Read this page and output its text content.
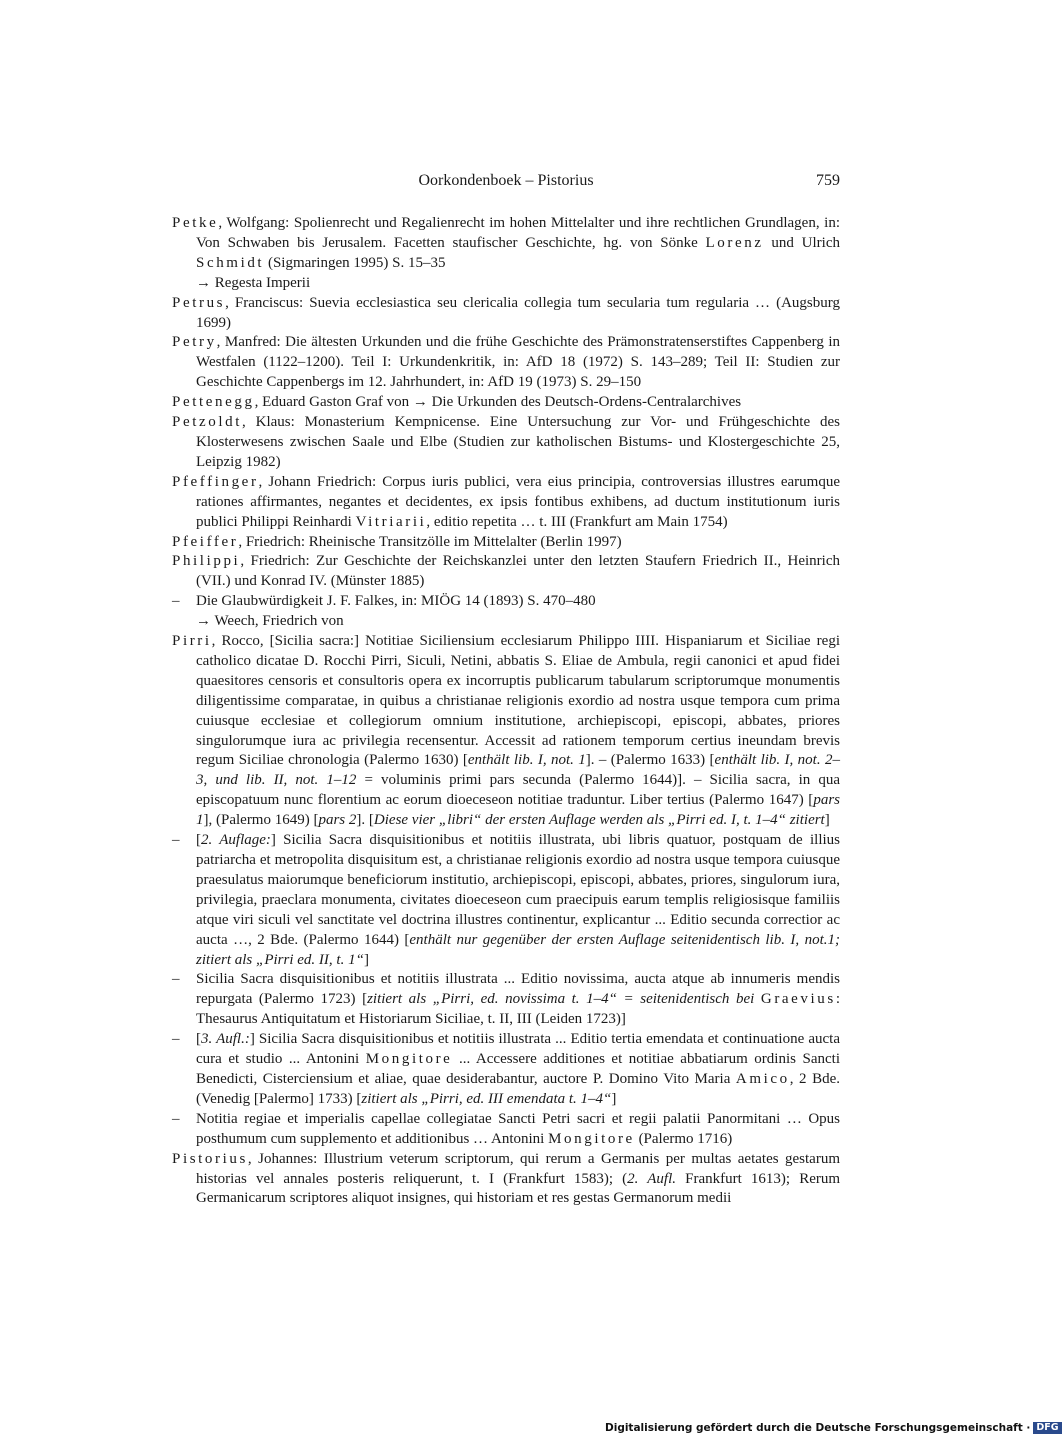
Oorkondenboek – Pistorius	759

Petke, Wolfgang: Spolienrecht und Regalienrecht im hohen Mittelalter und ihre rechtlichen Grundlagen, in: Von Schwaben bis Jerusalem. Facetten staufischer Geschichte, hg. von Sönke Lorenz und Ulrich Schmidt (Sigmaringen 1995) S. 15–35

→ Regesta Imperii

Petrus, Franciscus: Suevia ecclesiastica seu clericalia collegia tum secularia tum regularia … (Augsburg 1699)

Petry, Manfred: Die ältesten Urkunden und die frühe Geschichte des Prämonstratenserstiftes Cappenberg in Westfalen (1122–1200). Teil I: Urkundenkritik, in: AfD 18 (1972) S. 143–289; Teil II: Studien zur Geschichte Cappenbergs im 12. Jahrhundert, in: AfD 19 (1973) S. 29–150

Pettenegg, Eduard Gaston Graf von → Die Urkunden des Deutsch-Ordens-Centralarchives

Petzoldt, Klaus: Monasterium Kempnicense. Eine Untersuchung zur Vor- und Frühgeschichte des Klosterwesens zwischen Saale und Elbe (Studien zur katholischen Bistums- und Klostergeschichte 25, Leipzig 1982)

Pfeffinger, Johann Friedrich: Corpus iuris publici, vera eius principia, controversias illustres earumque rationes affirmantes, negantes et decidentes, ex ipsis fontibus exhibens, ad ductum institutionum iuris publici Philippi Reinhardi Vitriarii, editio repetita … t. III (Frankfurt am Main 1754)

Pfeiffer, Friedrich: Rheinische Transitzölle im Mittelalter (Berlin 1997)

Philippi, Friedrich: Zur Geschichte der Reichskanzlei unter den letzten Staufern Friedrich II., Heinrich (VII.) und Konrad IV. (Münster 1885)

– Die Glaubwürdigkeit J. F. Falkes, in: MIÖG 14 (1893) S. 470–480

→ Weech, Friedrich von

Pirri, Rocco, [Sicilia sacra:] Notitiae Siciliensium ecclesiarum Philippo IIII. Hispaniarum et Siciliae regi catholico dicatae D. Rocchi Pirri, Siculi, Netini, abbatis S. Eliae de Ambula, regii canonici et apud fidei quaesitores censoris et consultoris opera ex incorruptis publicarum tabularum scriptorumque monumentis diligentissime comparatae, in quibus a christianae religionis exordio ad nostra usque tempora cum prima cuiusque ecclesiae et collegiorum omnium institutione, archiepiscopi, episcopi, abbates, priores singulorumque iura ac privilegia recensentur. Accessit ad rationem temporum certius ineundam brevis regum Siciliae chronologia (Palermo 1630) [enthält lib. I, not. 1]. – (Palermo 1633) [enthält lib. I, not. 2–3, und lib. II, not. 1–12 = voluminis primi pars secunda (Palermo 1644)]. – Sicilia sacra, in qua episcopatuum nunc florentium ac eorum dioeceseon notitiae traduntur. Liber tertius (Palermo 1647) [pars 1], (Palermo 1649) [pars 2]. [Diese vier „libri“ der ersten Auflage werden als „Pirri ed. I, t. 1–4“ zitiert]

– [2. Auflage:] Sicilia Sacra disquisitionibus et notitiis illustrata, ubi libris quatuor, postquam de illius patriarcha et metropolita disquisitum est, a christianae religionis exordio ad nostra usque tempora cuiusque praesulatus maiorumque beneficiorum institutio, archiepiscopi, episcopi, abbates, priores, singulorum iura, privilegia, praeclara monumenta, civitates dioeceseon cum praecipuis earum templis religiosisque familiis atque viri siculi vel sanctitate vel doctrina illustres continentur, explicantur ... Editio secunda correctior ac aucta …, 2 Bde. (Palermo 1644) [enthält nur gegenüber der ersten Auflage seitenidentisch lib. I, not.1; zitiert als „Pirri ed. II, t. 1“]

– Sicilia Sacra disquisitionibus et notitiis illustrata ... Editio novissima, aucta atque ab innumeris mendis repurgata (Palermo 1723) [zitiert als „Pirri, ed. novissima t. 1–4“ = seitenidentisch bei Graevius: Thesaurus Antiquitatum et Historiarum Siciliae, t. II, III (Leiden 1723)]

– [3. Aufl.:] Sicilia Sacra disquisitionibus et notitiis illustrata ... Editio tertia emendata et continuatione aucta cura et studio ... Antonini Mongitore ... Accessere additiones et notitiae abbatiarum ordinis Sancti Benedicti, Cisterciensium et aliae, quae desiderabantur, auctore P. Domino Vito Maria Amico, 2 Bde. (Venedig [Palermo] 1733) [zitiert als „Pirri, ed. III emendata t. 1–4“]

– Notitia regiae et imperialis capellae collegiatae Sancti Petri sacri et regii palatii Panormitani … Opus posthumum cum supplemento et additionibus … Antonini Mongitore (Palermo 1716)

Pistorius, Johannes: Illustrium veterum scriptorum, qui rerum a Germanis per multas aetates gestarum historias vel annales posteris reliquerunt, t. I (Frankfurt 1583); (2. Aufl. Frankfurt 1613); Rerum Germanicarum scriptores aliquot insignes, qui historiam et res gestas Germanorum medii

Digitalisierung gefördert durch die Deutsche Forschungsgemeinschaft · DFG
